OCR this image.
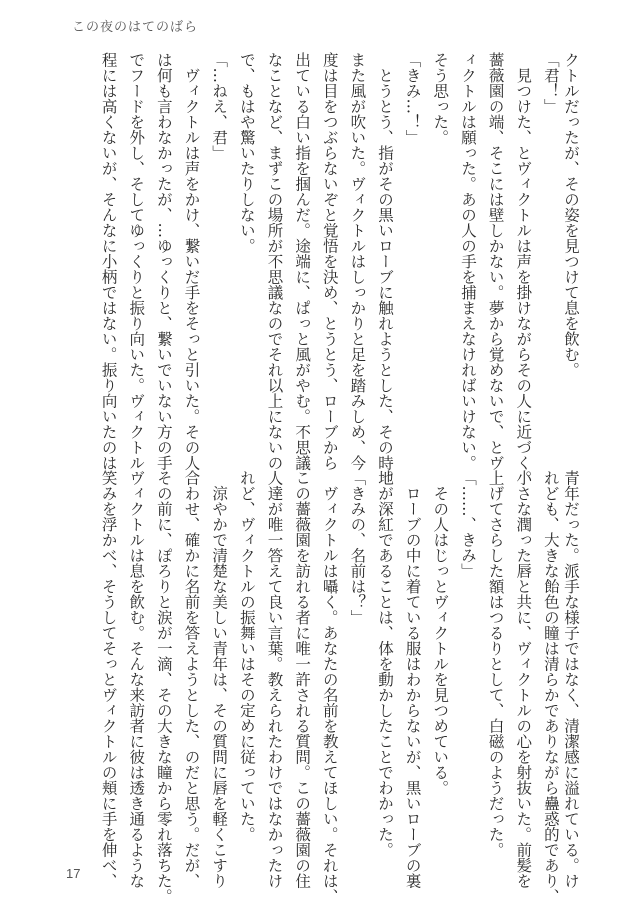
この夜のはてのばら
クトルだったが、その姿を見つけて息を飲む。
「君！」
　見つけた、とヴィクトルは声を掛けながらその人に近づく。
薔薇園の端、そこには壁しかない。夢から覚めないで、とヴ
ィクトルは願った。あの人の手を捕まえなければいけない。
そう思った。
「きみ…！」
　とうとう、指がその黒いローブに触れようとした、その時。
また風が吹いた。ヴィクトルはしっかりと足を踏みしめ、今
度は目をつぶらないぞと覚悟を決め、とうとう、ローブから
出ている白い指を掴んだ。途端に、ぱっと風がやむ。不思議
なことなど、まずこの場所が不思議なのでそれ以上にないの
で、もはや驚いたりしない。
「…ねえ、君」
　ヴィクトルは声をかけ、繋いだ手をそっと引いた。その人
は何も言わなかったが、…ゆっくりと、繋いでいない方の手
でフードを外し、そしてゆっくりと振り向いた。ヴィクトル
程には高くないが、そんなに小柄ではない。振り向いたのは
青年だった。派手な様子ではなく、清潔感に溢れている。け
れども、大きな飴色の瞳は清らかでありながら蠱惑的であり、
小さな潤った唇と共に、ヴィクトルの心を射抜いた。前髪を
上げてさらした額はつるりとして、白磁のようだった。
「……、きみ」
　その人はじっとヴィクトルを見つめている。
　ローブの中に着ている服はわからないが、黒いローブの裏
地が深紅であることは、体を動かしたことでわかった。
「きみの、名前は？」
　ヴィクトルは囁く。あなたの名前を教えてほしい。それは、
この薔薇園を訪れる者に唯一許される質問。この薔薇園の住
人達が唯一答えて良い言葉。教えられたわけではなかったけ
れど、ヴィクトルの振舞いはその定めに従っていた。
　涼やかで清楚な美しい青年は、その質問に唇を軽くこすり
合わせ、確かに名前を答えようとした、のだと思う。だが、
その前に、ぽろりと涙が一滴、その大きな瞳から零れ落ちた。
ヴィクトルは息を飲む。そんな来訪者に彼は透き通るような
笑みを浮かべ、そうしてそっとヴィクトルの頬に手を伸べ、
17
